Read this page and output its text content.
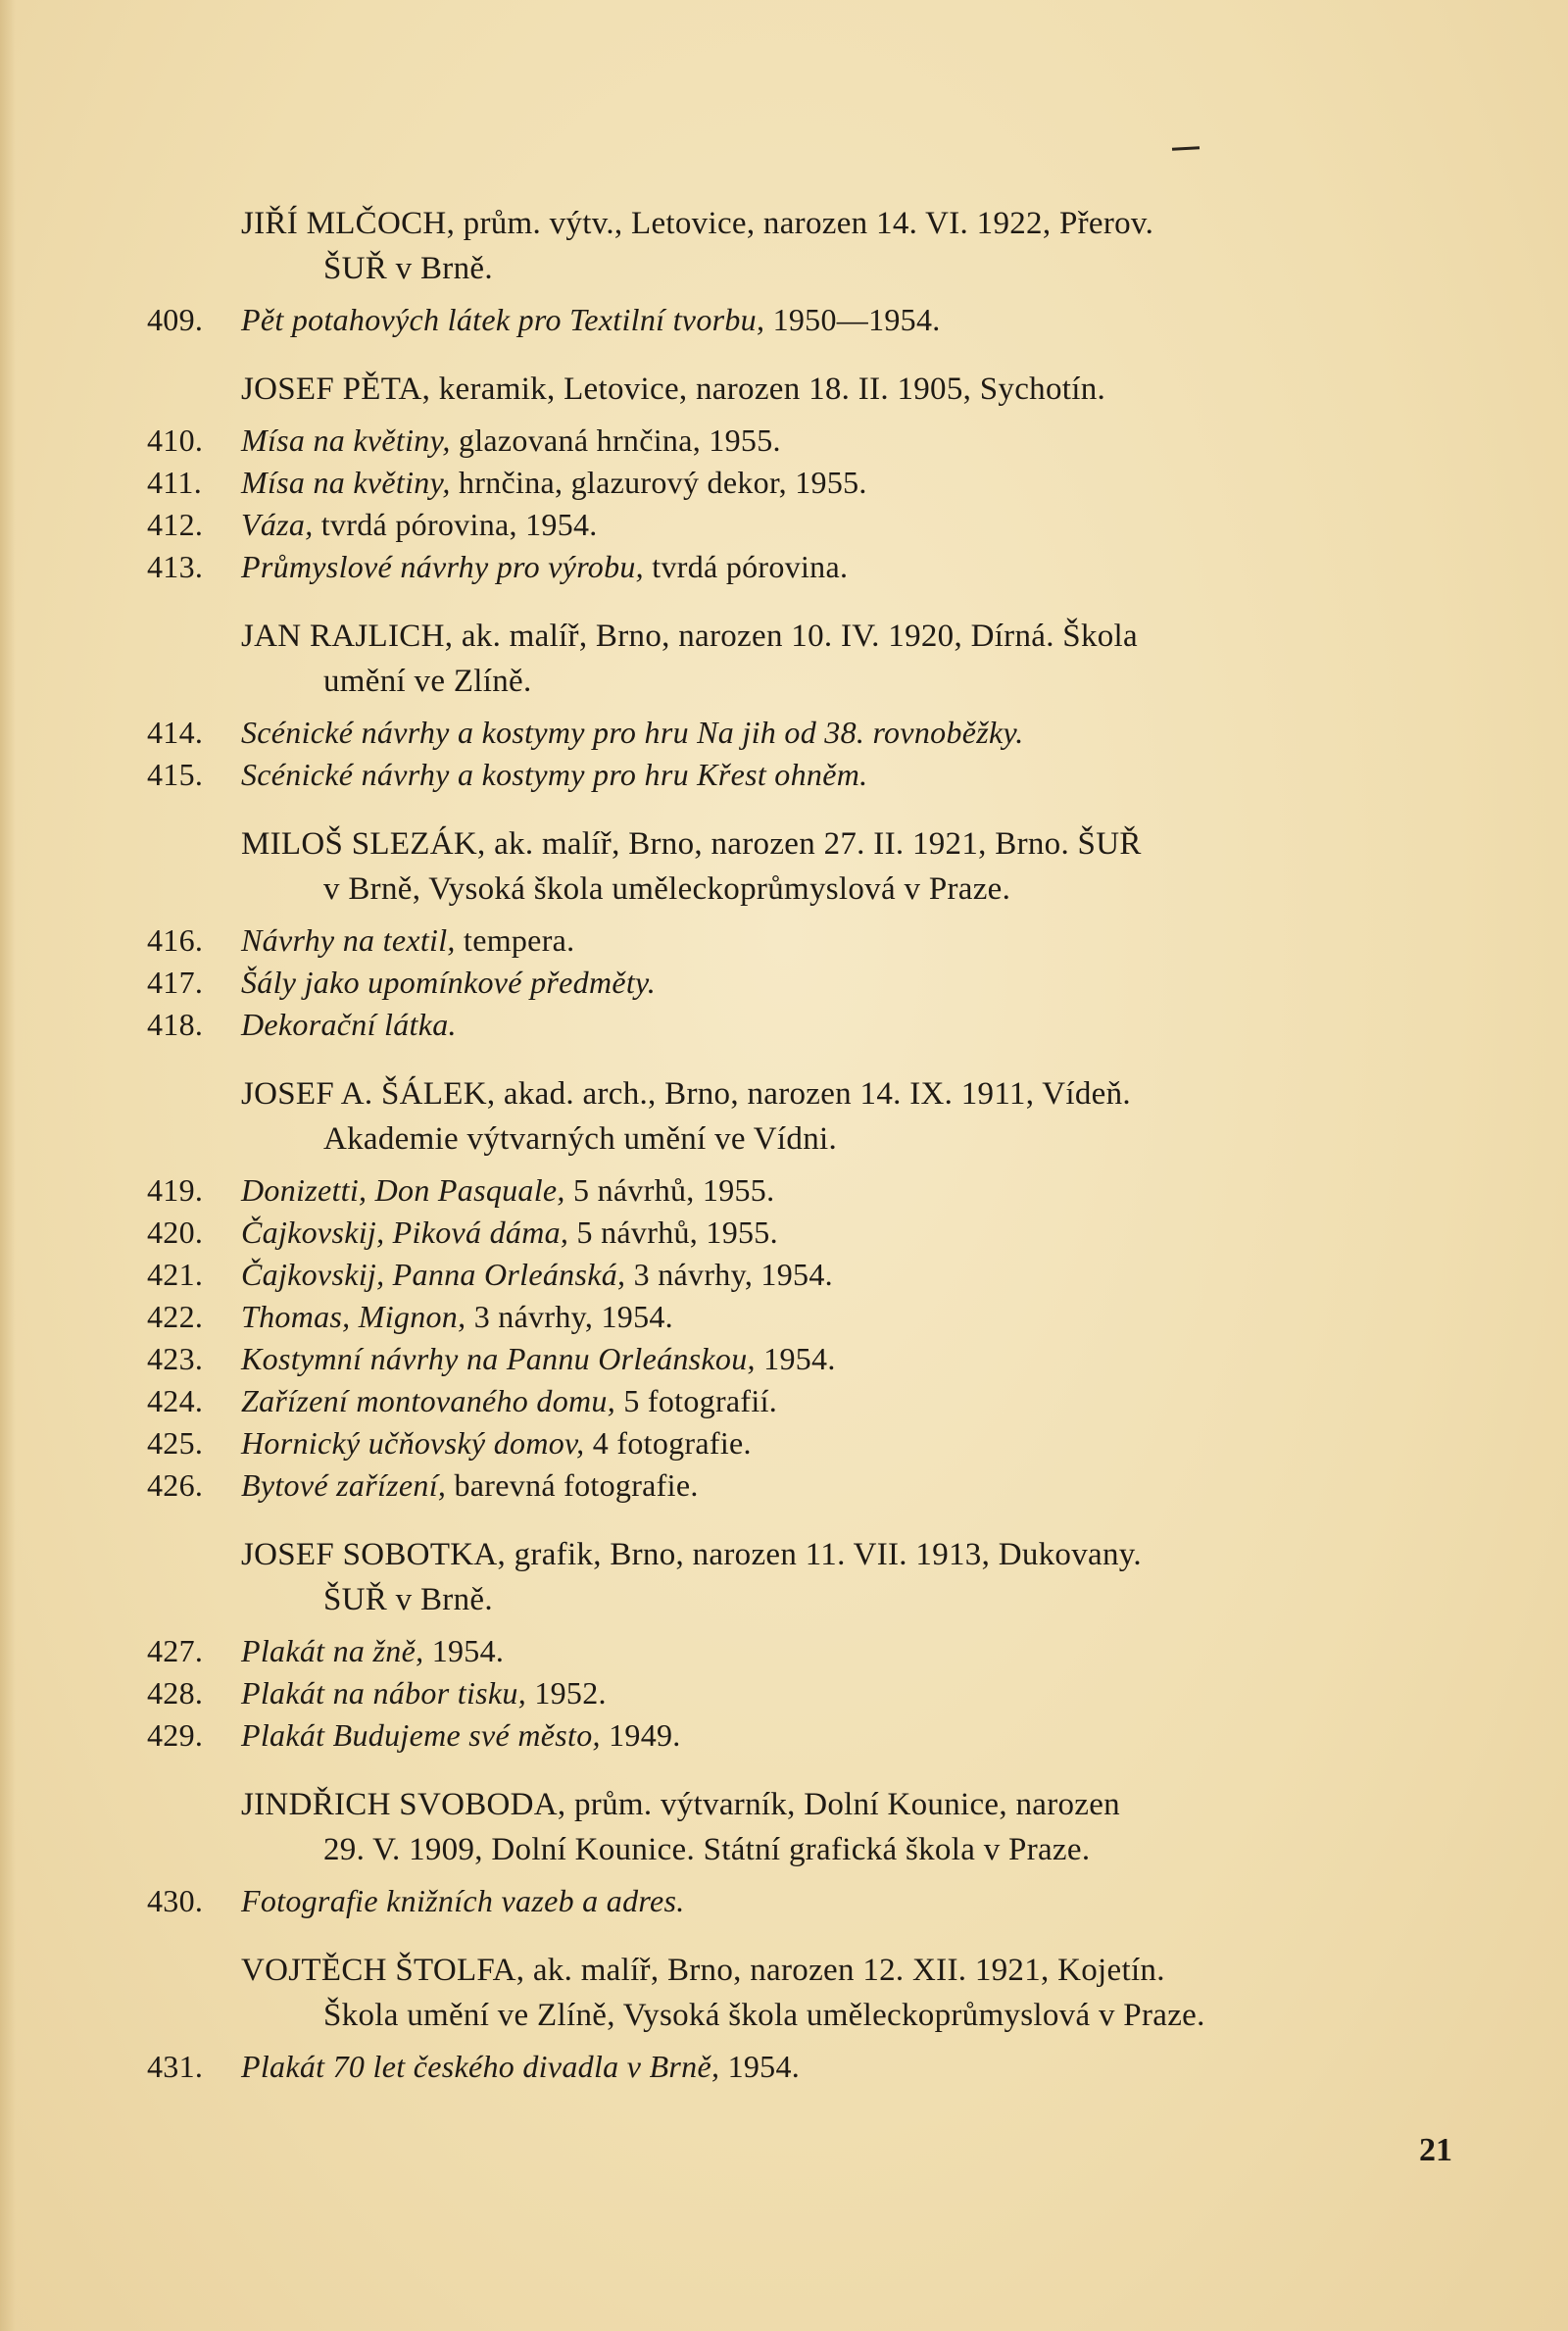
JIŘÍ MLČOCH, prům. výtv., Letovice, narozen 14. VI. 1922, Přerov.
ŠUŘ v Brně.
409.	Pět potahových látek pro Textilní tvorbu, 1950—1954.
JOSEF PĚTA, keramik, Letovice, narozen 18. II. 1905, Sychotín.
410.	Mísa na květiny, glazovaná hrnčina, 1955.
411.	Mísa na květiny, hrnčina, glazurový dekor, 1955.
412.	Váza, tvrdá pórovina, 1954.
413.	Průmyslové návrhy pro výrobu, tvrdá pórovina.
JAN RAJLICH, ak. malíř, Brno, narozen 10. IV. 1920, Dírná. Škola
umění ve Zlíně.
414.	Scénické návrhy a kostymy pro hru Na jih od 38. rovnoběžky.
415.	Scénické návrhy a kostymy pro hru Křest ohněm.
MILOŠ SLEZÁK, ak. malíř, Brno, narozen 27. II. 1921, Brno. ŠUŘ
v Brně, Vysoká škola uměleckoprůmyslová v Praze.
416.	Návrhy na textil, tempera.
417.	Šály jako upomínkové předměty.
418.	Dekorační látka.
JOSEF A. ŠÁLEK, akad. arch., Brno, narozen 14. IX. 1911, Vídeň.
Akademie výtvarných umění ve Vídni.
419.	Donizetti, Don Pasquale, 5 návrhů, 1955.
420.	Čajkovskij, Piková dáma, 5 návrhů, 1955.
421.	Čajkovskij, Panna Orleánská, 3 návrhy, 1954.
422.	Thomas, Mignon, 3 návrhy, 1954.
423.	Kostymní návrhy na Pannu Orleánskou, 1954.
424.	Zařízení montovaného domu, 5 fotografií.
425.	Hornický učňovský domov, 4 fotografie.
426.	Bytové zařízení, barevná fotografie.
JOSEF SOBOTKA, grafik, Brno, narozen 11. VII. 1913, Dukovany.
ŠUŘ v Brně.
427.	Plakát na žně, 1954.
428.	Plakát na nábor tisku, 1952.
429.	Plakát Budujeme své město, 1949.
JINDŘICH SVOBODA, prům. výtvarník, Dolní Kounice, narozen
29. V. 1909, Dolní Kounice. Státní grafická škola v Praze.
430.	Fotografie knižních vazeb a adres.
VOJTĚCH ŠTOLFA, ak. malíř, Brno, narozen 12. XII. 1921, Kojetín.
Škola umění ve Zlíně, Vysoká škola uměleckoprůmyslová v Praze.
431.	Plakát 70 let českého divadla v Brně, 1954.
21
